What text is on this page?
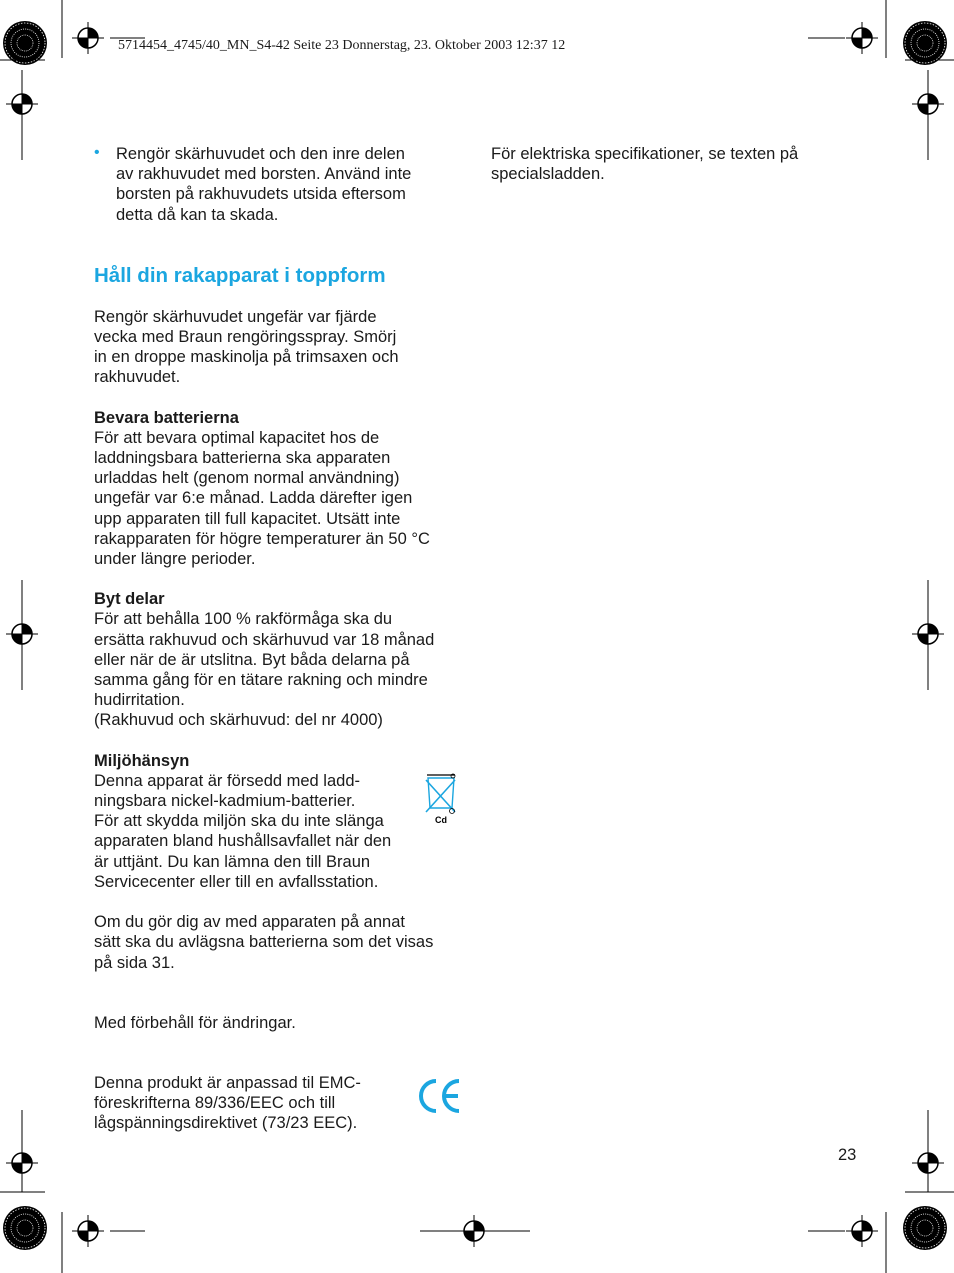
5714454_4745/40_MN_S4-42 Seite 23 Donnerstag, 23. Oktober 2003 12:37 12
• Rengör skärhuvudet och den inre delen
av rakhuvudet med borsten. Använd inte
borsten på rakhuvudets utsida eftersom
detta då kan ta skada.

Håll din rakapparat i toppform

Rengör skärhuvudet ungefär var fjärde
vecka med Braun rengöringsspray. Smörj
in en droppe maskinolja på trimsaxen och
rakhuvudet.

Bevara batterierna

För att bevara optimal kapacitet hos de
laddningsbara batterierna ska apparaten
urladdas helt (genom normal användning)
ungefär var 6:e månad. Ladda därefter igen
upp apparaten till full kapacitet. Utsätt inte
rakapparaten för högre temperaturer än 50 °C
under längre perioder.

Byt delar

För att behålla 100 % rakförmåga ska du
ersätta rakhuvud och skärhuvud var 18 månad
eller när de är utslitna. Byt båda delarna på
samma gång för en tätare rakning och mindre
hudirritation.
(Rakhuvud och skärhuvud: del nr 4000)

Miljöhänsyn

Denna apparat är försedd med ladd-
ningsbara nickel-kadmium-batterier.
För att skydda miljön ska du inte slänga
apparaten bland hushållsavfallet när den
är uttjänt. Du kan lämna den till Braun
Servicecenter eller till en avfallsstation.

Om du gör dig av med apparaten på annat
sätt ska du avlägsna batterierna som det visas
på sida 31.

Med förbehåll för ändringar.

Denna produkt är anpassad til EMC-
föreskrifterna 89/336/EEC och till
lågspänningsdirektivet (73/23 EEC).

Cd

För elektriska specifikationer, se texten på
specialsladden.

23
